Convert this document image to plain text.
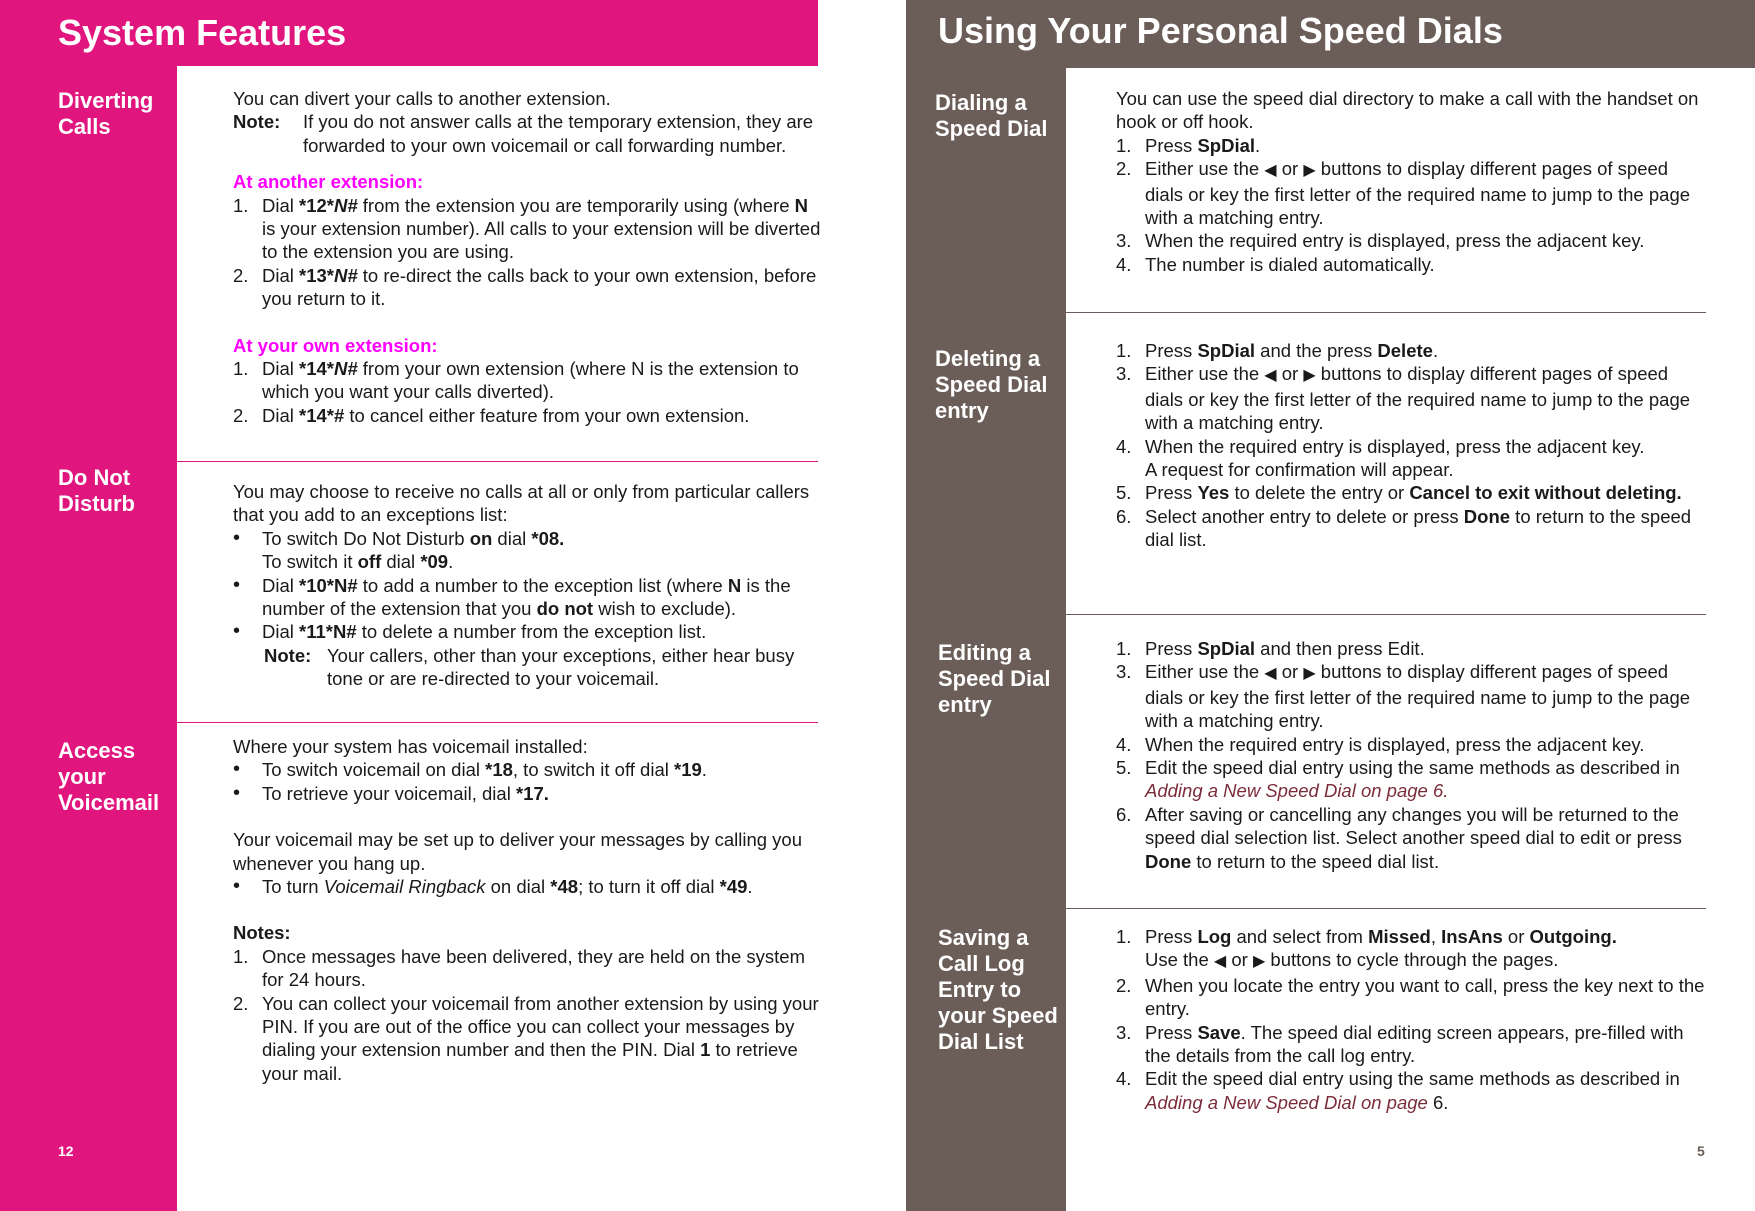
System Features
Diverting Calls
Do Not Disturb
Access your Voicemail
12

You can divert your calls to another extension.

Note:	If you do not answer calls at the temporary extension, they are forwarded to your own voicemail or call forwarding number.

At another extension:

1. Dial *12*N# from the extension you are temporarily using (where N is your extension number). All calls to your extension will be diverted to the extension you are using.
2. Dial *13*N# to re-direct the calls back to your own extension, before you return to it.

At your own extension:

1. Dial *14*N# from your own extension (where N is the extension to which you want your calls diverted).
2. Dial *14*# to cancel either feature from your own extension.

You may choose to receive no calls at all or only from particular callers that you add to an exceptions list:

•	To switch Do Not Disturb on dial *08.
To switch it off dial *09.
•	Dial *10*N# to add a number to the exception list (where N is the number of the extension that you do not wish to exclude).
•	Dial *11*N# to delete a number from the exception list.
Note: Your callers, other than your exceptions, either hear busy tone or are re-directed to your voicemail.

Where your system has voicemail installed:

•	To switch voicemail on dial *18, to switch it off dial *19.
•	To retrieve your voicemail, dial *17.

Your voicemail may be set up to deliver your messages by calling you whenever you hang up.

•	To turn Voicemail Ringback on dial *48; to turn it off dial *49.

Notes:

1. Once messages have been delivered, they are held on the system for 24 hours.
2. You can collect your voicemail from another extension by using your PIN. If you are out of the office you can collect your messages by dialing your extension number and then the PIN. Dial 1 to retrieve your mail.
Using Your Personal Speed Dials
Dialing a Speed Dial
Deleting a Speed Dial entry
Editing a Speed Dial entry
Saving a Call Log Entry to your Speed Dial List
5

You can use the speed dial directory to make a call with the handset on hook or off hook.

1. Press SpDial.
2. Either use the ◀ or ▶ buttons to display different pages of speed dials or key the first letter of the required name to jump to the page with a matching entry.
3. When the required entry is displayed, press the adjacent key.
4. The number is dialed automatically.
1. Press SpDial and the press Delete.
3. Either use the ◀ or ▶ buttons to display different pages of speed dials or key the first letter of the required name to jump to the page with a matching entry.
4. When the required entry is displayed, press the adjacent key.
A request for confirmation will appear.
5. Press Yes to delete the entry or Cancel to exit without deleting.
6. Select another entry to delete or press Done to return to the speed dial list.
1. Press SpDial and then press Edit.
3. Either use the ◀ or ▶ buttons to display different pages of speed dials or key the first letter of the required name to jump to the page with a matching entry.
4. When the required entry is displayed, press the adjacent key.
5. Edit the speed dial entry using the same methods as described in Adding a New Speed Dial on page 6.
6. After saving or cancelling any changes you will be returned to the speed dial selection list. Select another speed dial to edit or press Done to return to the speed dial list.
1. Press Log and select from Missed, InsAns or Outgoing.
Use the ◀ or ▶ buttons to cycle through the pages.
2. When you locate the entry you want to call, press the key next to the entry.
3. Press Save. The speed dial editing screen appears, pre-filled with the details from the call log entry.
4. Edit the speed dial entry using the same methods as described in Adding a New Speed Dial on page 6.
